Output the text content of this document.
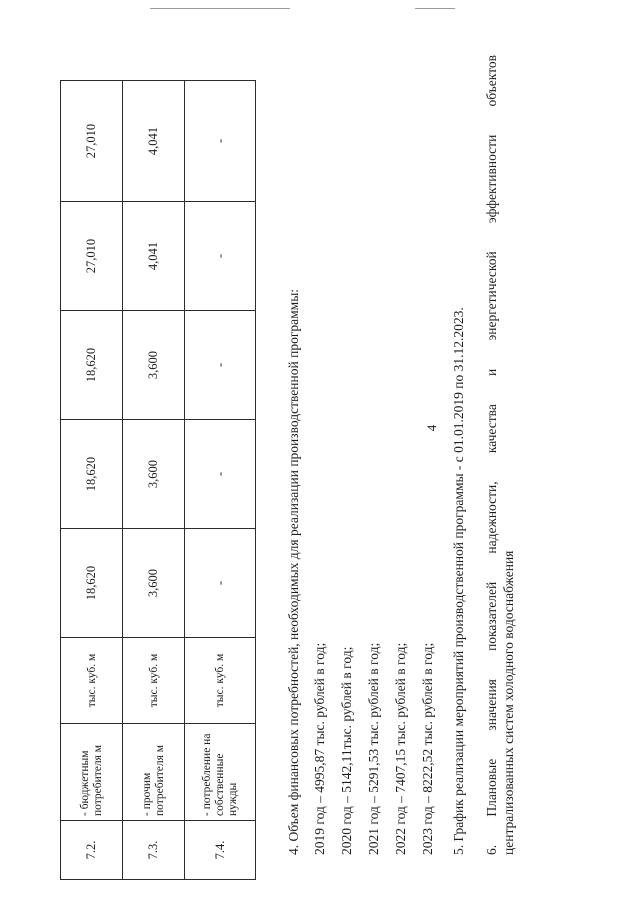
4
7.2.	- бюджетным потребителя м	тыс. куб. м	18,620	18,620	18,620	27,010	27,010
7.3.	- прочим потребителя м	тыс. куб. м	3,600	3,600	3,600	4,041	4,041
7.4.	- потребление на собственные нужды	тыс. куб. м	-	-	-	-	-
4. Объем финансовых потребностей, необходимых для реализации производственной программы: 2019 год – 4995,87 тыс. рублей в год; 2020 год – 5142,11тыс. рублей в год; 2021 год – 5291,53 тыс. рублей в год; 2022 год – 7407,15 тыс. рублей в год; 2023 год – 8222,52 тыс. рублей в год; 5. График реализации мероприятий производственной программы - с 01.01.2019 по 31.12.2023. 6. Плановые значения показателей надежности, качества и энергетической эффективности объектов централизованных систем холодного водоснабжения
